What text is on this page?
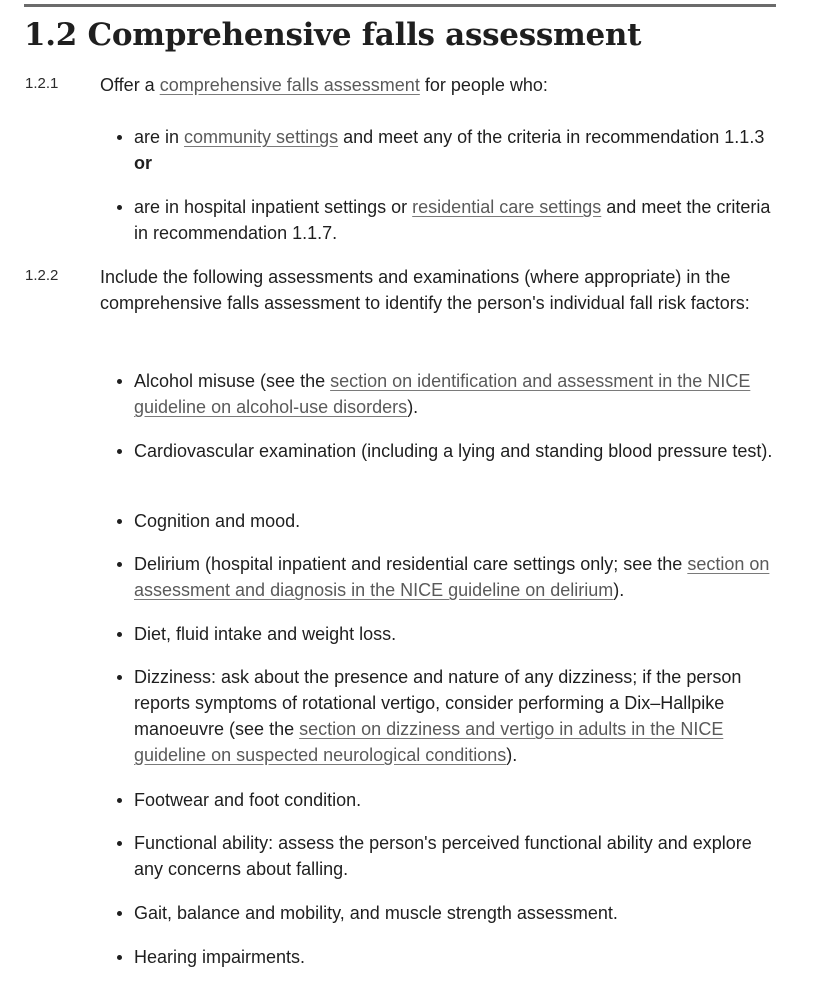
1.2 Comprehensive falls assessment
1.2.1 Offer a comprehensive falls assessment for people who:

are in community settings and meet any of the criteria in recommendation 1.1.3 or
are in hospital inpatient settings or residential care settings and meet the criteria in recommendation 1.1.7.
1.2.2 Include the following assessments and examinations (where appropriate) in the comprehensive falls assessment to identify the person's individual fall risk factors:

Alcohol misuse (see the section on identification and assessment in the NICE guideline on alcohol-use disorders).
Cardiovascular examination (including a lying and standing blood pressure test).
Cognition and mood.
Delirium (hospital inpatient and residential care settings only; see the section on assessment and diagnosis in the NICE guideline on delirium).
Diet, fluid intake and weight loss.
Dizziness: ask about the presence and nature of any dizziness; if the person reports symptoms of rotational vertigo, consider performing a Dix–Hallpike manoeuvre (see the section on dizziness and vertigo in adults in the NICE guideline on suspected neurological conditions).
Footwear and foot condition.
Functional ability: assess the person's perceived functional ability and explore any concerns about falling.
Gait, balance and mobility, and muscle strength assessment.
Hearing impairments.
